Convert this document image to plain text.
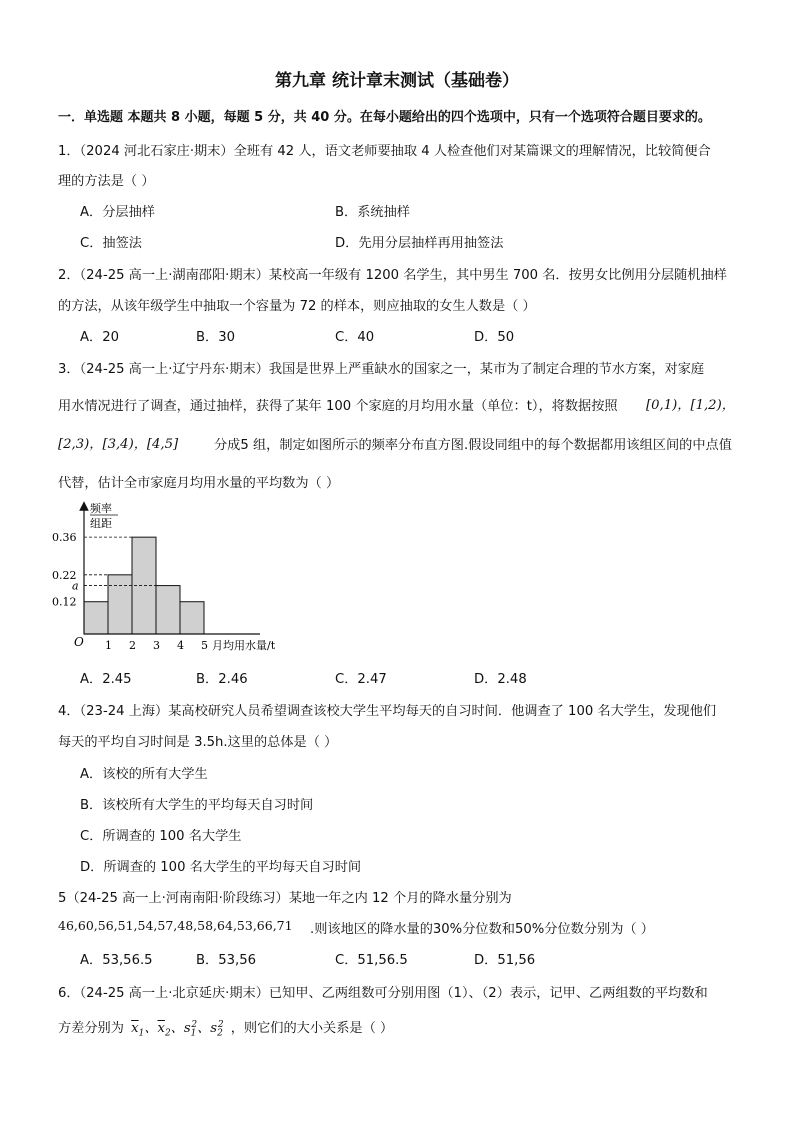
第九章 统计章末测试（基础卷）
一．单选题 本题共 8 小题，每题 5 分，共 40 分。在每小题给出的四个选项中，只有一个选项符合题目要求的。
1．（2024 河北石家庄·期末）全班有 42 人，语文老师要抽取 4 人检查他们对某篇课文的理解情况，比较简便合
理的方法是（ ）
A．分层抽样	B．系统抽样
C．抽签法	D．先用分层抽样再用抽签法
2．（24-25 高一上·湖南邵阳·期末）某校高一年级有 1200 名学生，其中男生 700 名．按男女比例用分层随机抽样
的方法，从该年级学生中抽取一个容量为 72 的样本，则应抽取的女生人数是（ ）
A．20	B．30	C．40	D．50
3．（24-25 高一上·辽宁丹东·期末）我国是世界上严重缺水的国家之一，某市为了制定合理的节水方案，对家庭
用水情况进行了调查，通过抽样，获得了某年 100 个家庭的月均用水量（单位：t），将数据按照 [0,1)，[1,2)，
[2,3)，[3,4)，[4,5]	分成5 组，制定如图所示的频率分布直方图.假设同组中的每个数据都用该组区间的中点值
代替，估计全市家庭月均用水量的平均数为（ ）
频率
组距
O	月均用水量/t
0.36
0.22
a
0.12
1 2 3 4 5
A．2.45	B．2.46	C．2.47	D．2.48
4．（23-24 上海）某高校研究人员希望调查该校大学生平均每天的自习时间．他调查了 100 名大学生，发现他们
每天的平均自习时间是 3.5h.这里的总体是（ ）
A．该校的所有大学生
B．该校所有大学生的平均每天自习时间
C．所调查的 100 名大学生
D．所调查的 100 名大学生的平均每天自习时间
5（24-25 高一上·河南南阳·阶段练习）某地一年之内 12 个月的降水量分别为
46,60,56,51,54,57,48,58,64,53,66,71 .则该地区的降水量的30%分位数和50%分位数分别为（ ）
A．53,56.5	B．53,56	C．51,56.5	D．51,56
6．（24-25 高一上·北京延庆·期末）已知甲、乙两组数可分别用图（1）、（2）表示，记甲、乙两组数的平均数和
方差分别为 $\overline{x}_1$、$\overline{x}_2$、$s_1^2$、$s_2^2$ ，则它们的大小关系是（ ）
